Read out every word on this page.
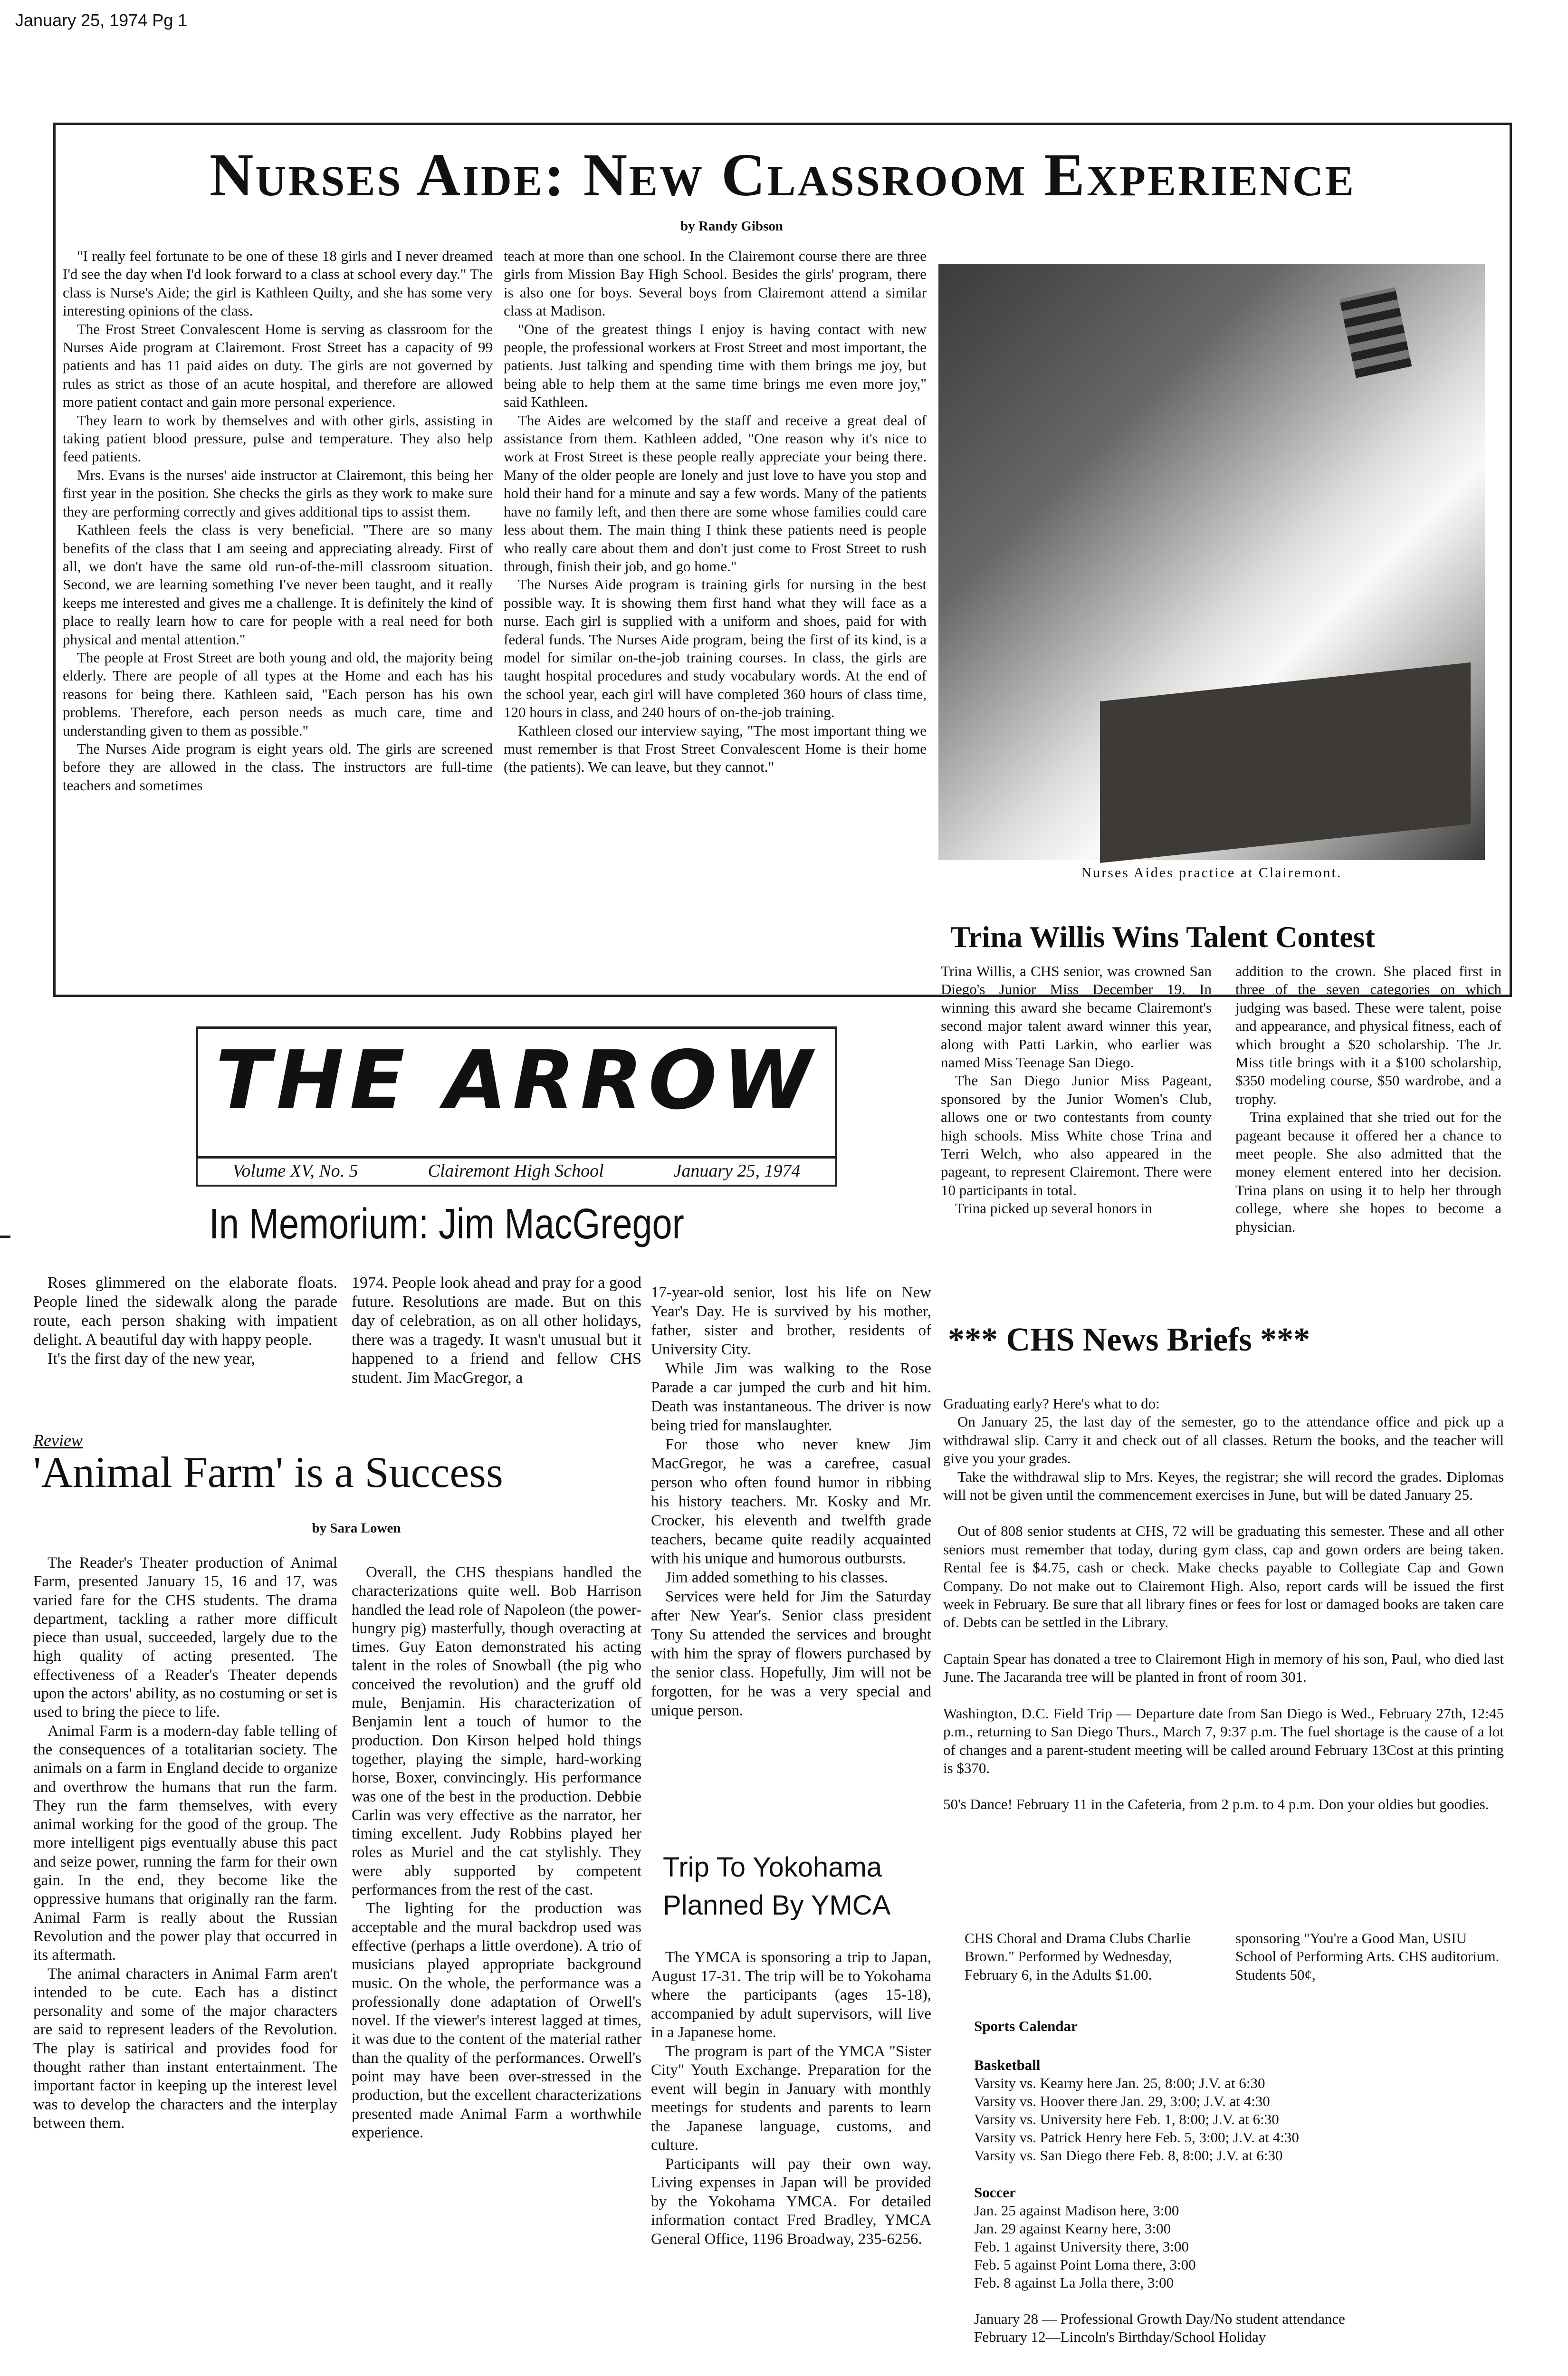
January 25, 1974 Pg 1
Nurses Aide: New Classroom Experience
by Randy Gibson

"I really feel fortunate to be one of these 18 girls and I never dreamed I'd see the day when I'd look forward to a class at school every day." The class is Nurse's Aide; the girl is Kathleen Quilty, and she has some very interesting opinions of the class.

The Frost Street Convalescent Home is serving as classroom for the Nurses Aide program at Clairemont. Frost Street has a capacity of 99 patients and has 11 paid aides on duty. The girls are not governed by rules as strict as those of an acute hospital, and therefore are allowed more patient contact and gain more personal experience.

They learn to work by themselves and with other girls, assisting in taking patient blood pressure, pulse and temperature. They also help feed patients.

Mrs. Evans is the nurses' aide instructor at Clairemont, this being her first year in the position. She checks the girls as they work to make sure they are performing correctly and gives additional tips to assist them.

Kathleen feels the class is very beneficial. "There are so many benefits of the class that I am seeing and appreciating already. First of all, we don't have the same old run-of-the-mill classroom situation. Second, we are learning something I've never been taught, and it really keeps me interested and gives me a challenge. It is definitely the kind of place to really learn how to care for people with a real need for both physical and mental attention."

The people at Frost Street are both young and old, the majority being elderly. There are people of all types at the Home and each has his reasons for being there. Kathleen said, "Each person has his own problems. Therefore, each person needs as much care, time and understanding given to them as possible."

The Nurses Aide program is eight years old. The girls are screened before they are allowed in the class. The instructors are full-time teachers and sometimes

teach at more than one school. In the Clairemont course there are three girls from Mission Bay High School. Besides the girls' program, there is also one for boys. Several boys from Clairemont attend a similar class at Madison.

"One of the greatest things I enjoy is having contact with new people, the professional workers at Frost Street and most important, the patients. Just talking and spending time with them brings me joy, but being able to help them at the same time brings me even more joy," said Kathleen.

The Aides are welcomed by the staff and receive a great deal of assistance from them. Kathleen added, "One reason why it's nice to work at Frost Street is these people really appreciate your being there. Many of the older people are lonely and just love to have you stop and hold their hand for a minute and say a few words. Many of the patients have no family left, and then there are some whose families could care less about them. The main thing I think these patients need is people who really care about them and don't just come to Frost Street to rush through, finish their job, and go home."

The Nurses Aide program is training girls for nursing in the best possible way. It is showing them first hand what they will face as a nurse. Each girl is supplied with a uniform and shoes, paid for with federal funds. The Nurses Aide program, being the first of its kind, is a model for similar on-the-job training courses. In class, the girls are taught hospital procedures and study vocabulary words. At the end of the school year, each girl will have completed 360 hours of class time, 120 hours in class, and 240 hours of on-the-job training.

Kathleen closed our interview saying, "The most important thing we must remember is that Frost Street Convalescent Home is their home (the patients). We can leave, but they cannot."

Nurses Aides practice at Clairemont.
THE ARROW
Volume XV, No. 5	Clairemont High School	January 25, 1974
Trina Willis Wins Talent Contest

Trina Willis, a CHS senior, was crowned San Diego's Junior Miss December 19. In winning this award she became Clairemont's second major talent award winner this year, along with Patti Larkin, who earlier was named Miss Teenage San Diego.

The San Diego Junior Miss Pageant, sponsored by the Junior Women's Club, allows one or two contestants from county high schools. Miss White chose Trina and Terri Welch, who also appeared in the pageant, to represent Clairemont. There were 10 participants in total.

Trina picked up several honors in

addition to the crown. She placed first in three of the seven categories on which judging was based. These were talent, poise and appearance, and physical fitness, each of which brought a $20 scholarship. The Jr. Miss title brings with it a $100 scholarship, $350 modeling course, $50 wardrobe, and a trophy.

Trina explained that she tried out for the pageant because it offered her a chance to meet people. She also admitted that the money element entered into her decision. Trina plans on using it to help her through college, where she hopes to become a physician.

In Memorium: Jim MacGregor

Roses glimmered on the elaborate floats. People lined the sidewalk along the parade route, each person shaking with impatient delight. A beautiful day with happy people.

It's the first day of the new year,

1974. People look ahead and pray for a good future. Resolutions are made. But on this day of celebration, as on all other holidays, there was a tragedy. It wasn't unusual but it happened to a friend and fellow CHS student. Jim MacGregor, a

17-year-old senior, lost his life on New Year's Day. He is survived by his mother, father, sister and brother, residents of University City.

While Jim was walking to the Rose Parade a car jumped the curb and hit him. Death was instantaneous. The driver is now being tried for manslaughter.

For those who never knew Jim MacGregor, he was a carefree, casual person who often found humor in ribbing his history teachers. Mr. Kosky and Mr. Crocker, his eleventh and twelfth grade teachers, became quite readily acquainted with his unique and humorous outbursts.

Jim added something to his classes.

Services were held for Jim the Saturday after New Year's. Senior class president Tony Su attended the services and brought with him the spray of flowers purchased by the senior class. Hopefully, Jim will not be forgotten, for he was a very special and unique person.

Review
'Animal Farm' is a Success
by Sara Lowen

The Reader's Theater production of Animal Farm, presented January 15, 16 and 17, was varied fare for the CHS students. The drama department, tackling a rather more difficult piece than usual, succeeded, largely due to the high quality of acting presented. The effectiveness of a Reader's Theater depends upon the actors' ability, as no costuming or set is used to bring the piece to life.

Animal Farm is a modern-day fable telling of the consequences of a totalitarian society. The animals on a farm in England decide to organize and overthrow the humans that run the farm. They run the farm themselves, with every animal working for the good of the group. The more intelligent pigs eventually abuse this pact and seize power, running the farm for their own gain. In the end, they become like the oppressive humans that originally ran the farm. Animal Farm is really about the Russian Revolution and the power play that occurred in its aftermath.

The animal characters in Animal Farm aren't intended to be cute. Each has a distinct personality and some of the major characters are said to represent leaders of the Revolution. The play is satirical and provides food for thought rather than instant entertainment. The important factor in keeping up the interest level was to develop the characters and the interplay between them.

Overall, the CHS thespians handled the characterizations quite well. Bob Harrison handled the lead role of Napoleon (the power-hungry pig) masterfully, though overacting at times. Guy Eaton demonstrated his acting talent in the roles of Snowball (the pig who conceived the revolution) and the gruff old mule, Benjamin. His characterization of Benjamin lent a touch of humor to the production. Don Kirson helped hold things together, playing the simple, hard-working horse, Boxer, convincingly. His performance was one of the best in the production. Debbie Carlin was very effective as the narrator, her timing excellent. Judy Robbins played her roles as Muriel and the cat stylishly. They were ably supported by competent performances from the rest of the cast.

The lighting for the production was acceptable and the mural backdrop used was effective (perhaps a little overdone). A trio of musicians played appropriate background music. On the whole, the performance was a professionally done adaptation of Orwell's novel. If the viewer's interest lagged at times, it was due to the content of the material rather than the quality of the performances. Orwell's point may have been over-stressed in the production, but the excellent characterizations presented made Animal Farm a worthwhile experience.

Trip To Yokohama
Planned By YMCA

The YMCA is sponsoring a trip to Japan, August 17-31. The trip will be to Yokohama where the participants (ages 15-18), accompanied by adult supervisors, will live in a Japanese home.

The program is part of the YMCA "Sister City" Youth Exchange. Preparation for the event will begin in January with monthly meetings for students and parents to learn the Japanese language, customs, and culture.

Participants will pay their own way. Living expenses in Japan will be provided by the Yokohama YMCA. For detailed information contact Fred Bradley, YMCA General Office, 1196 Broadway, 235-6256.

*** CHS News Briefs ***

Graduating early? Here's what to do:

On January 25, the last day of the semester, go to the attendance office and pick up a withdrawal slip. Carry it and check out of all classes. Return the books, and the teacher will give you your grades.

Take the withdrawal slip to Mrs. Keyes, the registrar; she will record the grades. Diplomas will not be given until the commencement exercises in June, but will be dated January 25.

Out of 808 senior students at CHS, 72 will be graduating this semester. These and all other seniors must remember that today, during gym class, cap and gown orders are being taken. Rental fee is $4.75, cash or check. Make checks payable to Collegiate Cap and Gown Company. Do not make out to Clairemont High. Also, report cards will be issued the first week in February. Be sure that all library fines or fees for lost or damaged books are taken care of. Debts can be settled in the Library.

Captain Spear has donated a tree to Clairemont High in memory of his son, Paul, who died last June. The Jacaranda tree will be planted in front of room 301.

Washington, D.C. Field Trip — Departure date from San Diego is Wed., February 27th, 12:45 p.m., returning to San Diego Thurs., March 7, 9:37 p.m. The fuel shortage is the cause of a lot of changes and a parent-student meeting will be called around February 13Cost at this printing is $370.

50's Dance! February 11 in the Cafeteria, from 2 p.m. to 4 p.m. Don your oldies but goodies.

CHS Choral and Drama Clubs Charlie Brown." Performed by Wednesday, February 6, in the Adults $1.00.
sponsoring "You're a Good Man, USIU School of Performing Arts. CHS auditorium. Students 50¢,

Sports Calendar

Basketball

Varsity vs. Kearny here Jan. 25, 8:00; J.V. at 6:30

Varsity vs. Hoover there Jan. 29, 3:00; J.V. at 4:30

Varsity vs. University here Feb. 1, 8:00; J.V. at 6:30

Varsity vs. Patrick Henry here Feb. 5, 3:00; J.V. at 4:30

Varsity vs. San Diego there Feb. 8, 8:00; J.V. at 6:30

Soccer

Jan. 25 against Madison here, 3:00

Jan. 29 against Kearny here, 3:00

Feb. 1 against University there, 3:00

Feb. 5 against Point Loma there, 3:00

Feb. 8 against La Jolla there, 3:00

January 28 — Professional Growth Day/No student attendance

February 12—Lincoln's Birthday/School Holiday
